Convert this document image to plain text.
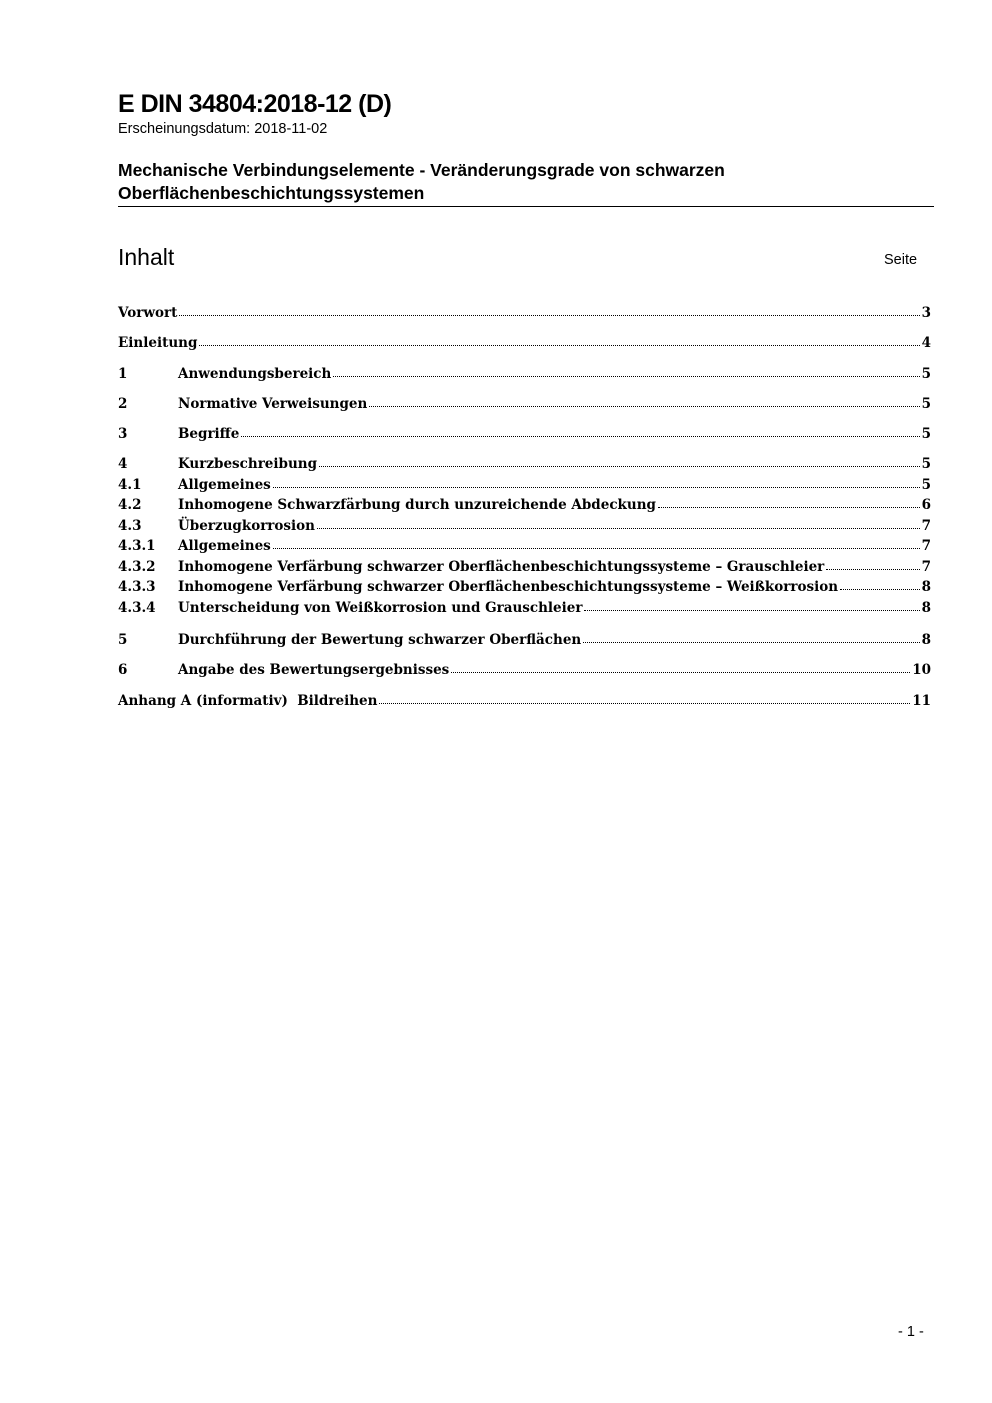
E DIN 34804:2018-12 (D)
Erscheinungsdatum: 2018-11-02
Mechanische Verbindungselemente - Veränderungsgrade von schwarzen Oberflächenbeschichtungssystemen
Inhalt	Seite
Vorwort	3
Einleitung	4
1	Anwendungsbereich	5
2	Normative Verweisungen	5
3	Begriffe	5
4	Kurzbeschreibung	5
4.1	Allgemeines	5
4.2	Inhomogene Schwarzfärbung durch unzureichende Abdeckung	6
4.3	Überzugkorrosion	7
4.3.1	Allgemeines	7
4.3.2	Inhomogene Verfärbung schwarzer Oberflächenbeschichtungssysteme – Grauschleier	7
4.3.3	Inhomogene Verfärbung schwarzer Oberflächenbeschichtungssysteme – Weißkorrosion	8
4.3.4	Unterscheidung von Weißkorrosion und Grauschleier	8
5	Durchführung der Bewertung schwarzer Oberflächen	8
6	Angabe des Bewertungsergebnisses	10
Anhang A (informativ)  Bildreihen	11
- 1 -
